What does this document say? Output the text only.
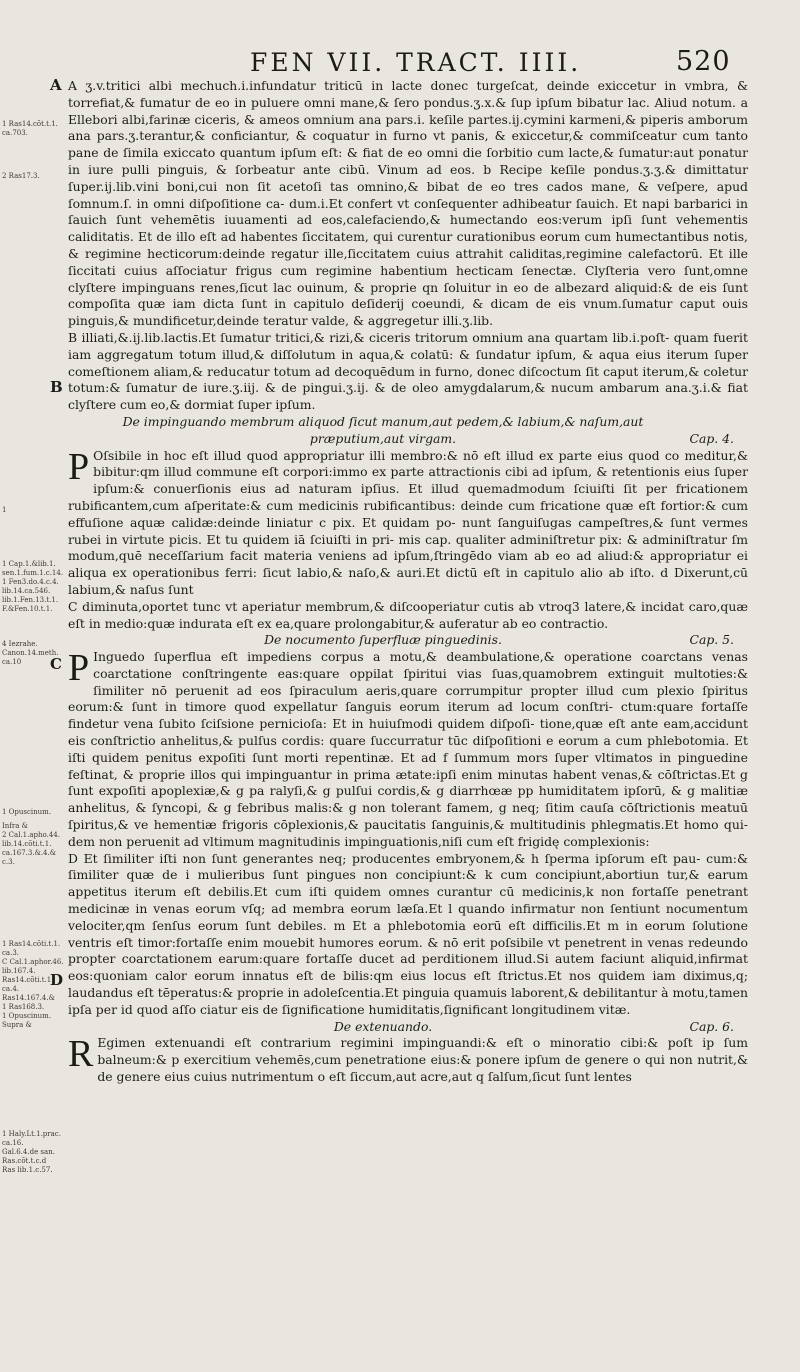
FEN VII. TRACT. IIII.	520
1 Ras14.cõt.t.1.
ca.703.
2 Ras17.3.
1
1 Cap.1.&lib.1.
sen.1.fum.1.c.14.
1 Fen3.do.4.c.4.
lib.14.ca.546.
lib.1.Fen.13.t.1.
F.&Fen.10.t.1.
4 Iezrahe.
Canon.14.meth.
ca.10
1 Opuscinum.
Infra &
2 Cal.1.apho.44.
lib.14.cõti.t.1.
ca.167.3.&.4.&
c.3.
1 Ras14.cõti.t.1.
ca.3.
C Cal.1.aphor.46.
lib.167.4.
Ras14.cõti.t.1.
ca.4.
Ras14.167.4.&
1 Ras168.3.
1 Opuscinum.
Supra &
1 Haly.Lt.1.prac.
ca.16.
Gal.6.4.de san.
Ras.cõt.t.c.d
Ras lib.1.c.57.
A
B
C
D

A ʒ.v.tritici albi mechuch.i.infundatur triticū in lacte donec turgeſcat, deinde exiccetur in vmbra, & torrefiat,& fumatur de eo in puluere omni mane,& ſero pondus.ʒ.x.& ſup ipſum bibatur lac. Aliud notum. a Ellebori albi,farinæ ciceris, & ameos omnium ana pars.i. keſile partes.ij.cymini karmeni,& piperis amborum ana pars.ʒ.terantur,& conficiantur, & coquatur in furno vt panis, & exiccetur,& commiſceatur cum tanto pane de ſimila exiccato quantum ipſum eſt: & fiat de eo omni die ſorbitio cum lacte,& ſumatur:aut ponatur in iure pulli pinguis, & ſorbeatur ante cibū. Vinum ad eos. b Recipe keſile pondus.ʒ.ʒ.& dimittatur ſuper.ij.lib.vini boni,cui non ſit acetoſi tas omnino,& bibat de eo tres cados mane, & veſpere, apud ſomnum.ſ. in omni diſpoſitione ca- dum.i.Et confert vt conſequenter adhibeatur ſauich. Et napi barbarici in ſauich ſunt vehemētis iuuamenti ad eos,calefaciendo,& humectando eos:verum ipſi ſunt vehementis caliditatis. Et de illo eſt ad habentes ſiccitatem, qui curentur curationibus eorum cum humectantibus notis, & regimine hecticorum:deinde regatur ille,ſiccitatem cuius attrahit caliditas,regimine calefactorū. Et ille ſiccitati cuius aſſociatur frigus cum regimine habentium hecticam ſenectæ. Clyſteria vero ſunt,omne clyſtere impinguans renes,ſicut lac ouinum, & proprie qn ſoluitur in eo de albezard aliquid:& de eis ſunt compoſita quæ iam dicta ſunt in capitulo deſiderij coeundi, & dicam de eis vnum.ſumatur caput ouis pinguis,& mundificetur,deinde teratur valde, & aggregetur illi.ʒ.lib.

B illiati,&.ij.lib.lactis.Et ſumatur tritici,& rizi,& ciceris tritorum omnium ana quartam lib.i.poſt- quam fuerit iam aggregatum totum illud,& diſſolutum in aqua,& colatū: & ſundatur ipſum, & aqua eius iterum ſuper comeſtionem aliam,& reducatur totum ad decoquēdum in furno, donec diſcoctum ſit caput iterum,& coletur totum:& ſumatur de iure.ʒ.iij. & de pingui.ʒ.ij. & de oleo amygdalarum,& nucum ambarum ana.ʒ.i.& fiat clyſtere cum eo,& dormiat ſuper ipſum.

De impinguando membrum aliquod ſicut manum,aut pedem,& labium,& naſum,aut præputium,aut virgam.	Cap. 4.

P Oſsibile in hoc eſt illud quod appropriatur illi membro:& nō eſt illud ex parte eius quod co meditur,& bibitur:qm illud commune eſt corpori:immo ex parte attractionis cibi ad ipſum, & retentionis eius ſuper ipſum:& conuerſionis eius ad naturam ipſius. Et illud quemadmodum ſciuiſti ſit per fricationem rubificantem,cum aſperitate:& cum medicinis rubificantibus: deinde cum fricatione quæ eſt fortior:& cum effuſione aquæ calidæ:deinde liniatur c pix. Et quidam po- nunt ſanguiſugas campeſtres,& ſunt vermes rubei in virtute picis. Et tu quidem iā ſciuiſti in pri- mis cap. qualiter adminiſtretur pix: & adminiſtratur ſm modum,quē neceſſarium facit materia veniens ad ipſum,ſtringēdo viam ab eo ad aliud:& appropriatur ei aliqua ex operationibus ferri: ſicut labio,& naſo,& auri.Et dictū eſt in capitulo alio ab iſto. d Dixerunt,cū labium,& naſus ſunt

C diminuta,oportet tunc vt aperiatur membrum,& diſcooperiatur cutis ab vtroq3 latere,& incidat caro,quæ eſt in medio:quæ indurata eſt ex ea,quare prolongabitur,& auferatur ab eo contractio.

De nocumento ſuperfluæ pinguedinis.	Cap. 5.

P Inguedo ſuperflua eſt impediens corpus a motu,& deambulatione,& operatione coarctans venas coarctatione conſtringente eas:quare oppilat ſpiritui vias ſuas,quamobrem extinguit multoties:& ſimiliter nō peruenit ad eos ſpiraculum aeris,quare corrumpitur propter illud cum plexio ſpiritus eorum:& ſunt in timore quod expellatur ſanguis eorum iterum ad locum conſtri- ctum:quare fortaſſe findetur vena ſubito ſciſsione pernicioſa: Et in huiuſmodi quidem diſpoſi- tione,quæ eſt ante eam,accidunt eis conſtrictio anhelitus,& pulſus cordis: quare ſuccurratur tūc diſpoſitioni e eorum a cum phlebotomia. Et iſti quidem penitus expoſiti ſunt morti repentinæ. Et ad f ſummum mors ſuper vltimatos in pinguedine feſtinat, & proprie illos qui impinguantur in prima ætate:ipſi enim minutas habent venas,& cōſtrictas.Et g ſunt expoſiti apoplexiæ,& g pa ralyſi,& g pulſui cordis,& g diarrhœæ pp humiditatem ipſorū, & g malitiæ anhelitus, & ſyncopi, & g febribus malis:& g non tolerant famem, g neq; ſitim cauſa cōſtrictionis meatuū ſpiritus,& ve hementiæ frigoris cōplexionis,& paucitatis ſanguinis,& multitudinis phlegmatis.Et homo qui- dem non peruenit ad vltimum magnitudinis impinguationis,niſi cum eſt frigidę complexionis:

D Et ſimiliter iſti non ſunt generantes neq; producentes embryonem,& h ſperma ipſorum eſt pau- cum:& ſimiliter quæ de i mulieribus ſunt pingues non concipiunt:& k cum concipiunt,abortiun tur,& earum appetitus iterum eſt debilis.Et cum iſti quidem omnes curantur cū medicinis,k non fortaſſe penetrant medicinæ in venas eorum vſq; ad membra eorum læſa.Et l quando infirmatur non ſentiunt nocumentum velociter,qm ſenſus eorum ſunt debiles. m Et a phlebotomia eorū eſt difficilis.Et m in eorum ſolutione ventris eſt timor:fortaſſe enim mouebit humores eorum. & nō erit poſsibile vt penetrent in venas redeundo propter coarctationem earum:quare fortaſſe ducet ad perditionem illud.Si autem faciunt aliquid,infirmat eos:quoniam calor eorum innatus eſt de bilis:qm eius locus eſt ſtrictus.Et nos quidem iam diximus,q; laudandus eſt tēperatus:& proprie in adoleſcentia.Et pinguia quamuis laborent,& debilitantur à motu,tamen ipſa per id quod aſſo ciatur eis de ſignificatione humiditatis,ſignificant longitudinem vitæ.

De extenuando.	Cap. 6.

R Egimen extenuandi eſt contrarium regimini impinguandi:& eſt o minoratio cibi:& poſt ip ſum balneum:& p exercitium vehemēs,cum penetratione eius:& ponere ipſum de genere o qui non nutrit,& de genere eius cuius nutrimentum o eſt ſiccum,aut acre,aut q ſalſum,ſicut ſunt lentes
